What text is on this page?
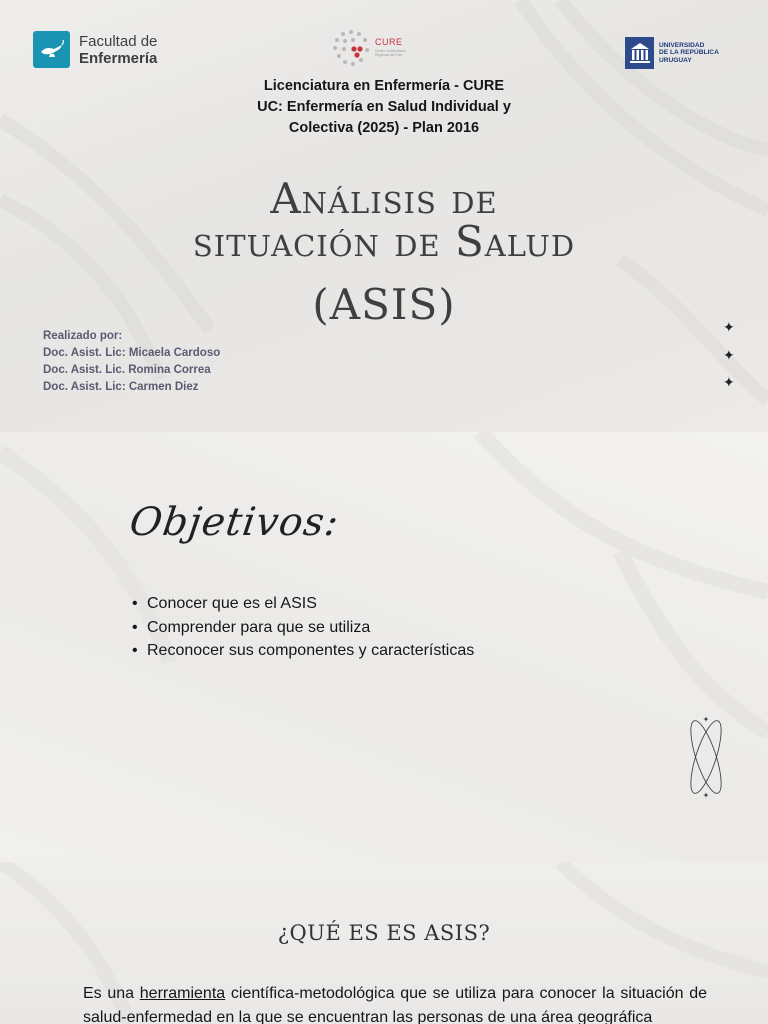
Facultad de
Enfermería
CURE
Centro Universitario Regional del Este
UNIVERSIDAD
DE LA REPÚBLICA
URUGUAY
Licenciatura en Enfermería - CURE
UC: Enfermería en Salud Individual y
Colectiva (2025) - Plan 2016
Análisis de
situación de Salud
(ASIS)
Realizado por:
Doc. Asist. Lic: Micaela Cardoso
Doc. Asist. Lic. Romina Correa
Doc. Asist. Lic: Carmen Diez
✦
✦
✦
Objetivos:
• Conocer que es el ASIS
• Comprender para que se utiliza
• Reconocer sus componentes y características
✦
✦
¿QUÉ ES ES ASIS?
Es una herramienta científica-metodológica que se utiliza para conocer la situación de salud-enfermedad en la que se encuentran las personas de una área geográfica
